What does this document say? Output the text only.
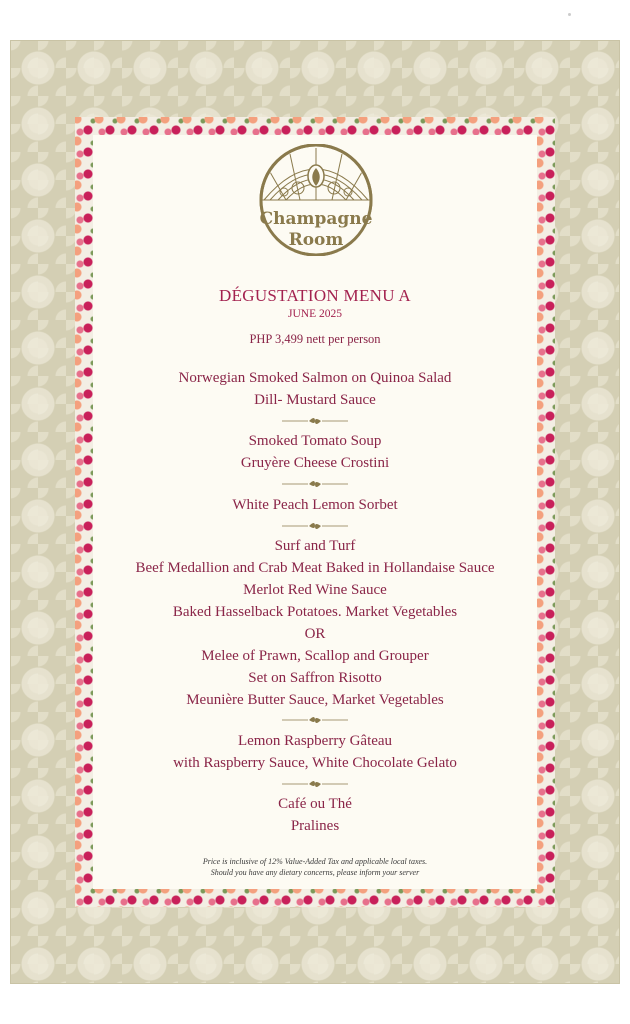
Champagne
Room
DÉGUSTATION MENU A
JUNE 2025
PHP 3,499 nett per person
Norwegian Smoked Salmon on Quinoa Salad
Dill- Mustard Sauce
Smoked Tomato Soup
Gruyère Cheese Crostini
White Peach Lemon Sorbet
Surf and Turf
Beef Medallion and Crab Meat Baked in Hollandaise Sauce
Merlot Red Wine Sauce
Baked Hasselback Potatoes. Market Vegetables
OR
Melee of Prawn, Scallop and Grouper
Set on Saffron Risotto
Meunière Butter Sauce, Market Vegetables
Lemon Raspberry Gâteau
with Raspberry Sauce, White Chocolate Gelato
Café ou Thé
Pralines
Price is inclusive of 12% Value-Added Tax and applicable local taxes.
Should you have any dietary concerns, please inform your server
